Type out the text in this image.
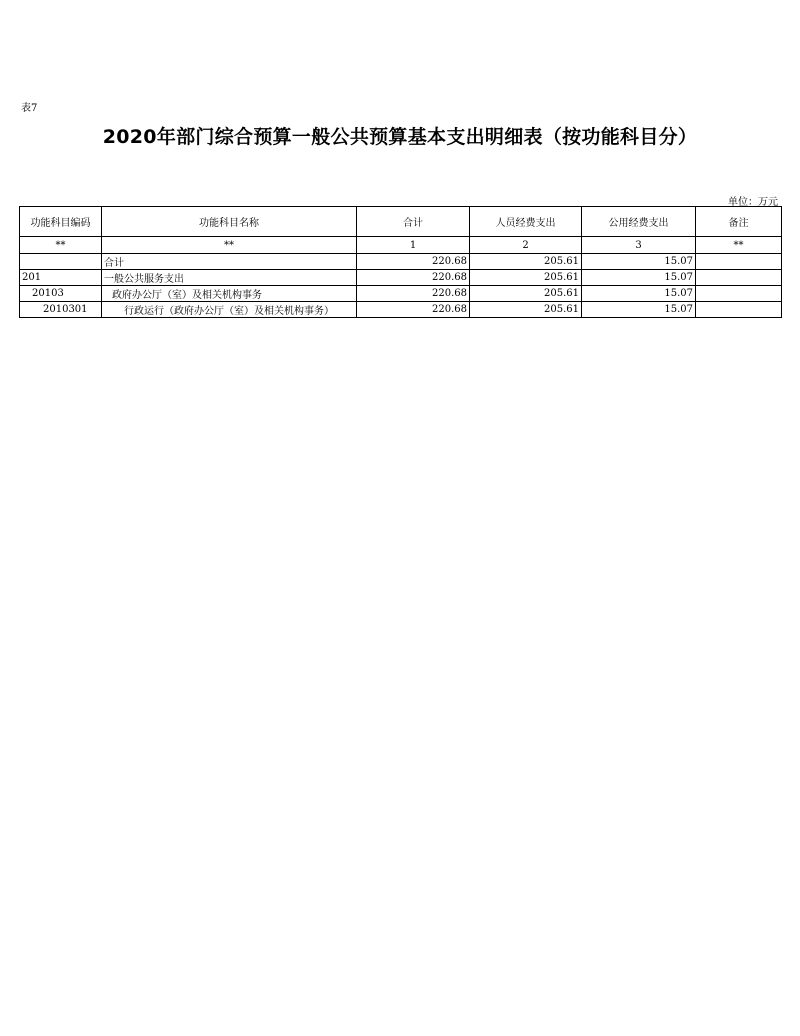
表7
2020年部门综合预算一般公共预算基本支出明细表（按功能科目分）
单位：万元
功能科目编码	功能科目名称	合计	人员经费支出	公用经费支出	备注
**	**	1	2	3	**
	合计	220.68	205.61	15.07	
201	一般公共服务支出	220.68	205.61	15.07	
20103	政府办公厅（室）及相关机构事务	220.68	205.61	15.07	
2010301	行政运行（政府办公厅（室）及相关机构事务）	220.68	205.61	15.07	
